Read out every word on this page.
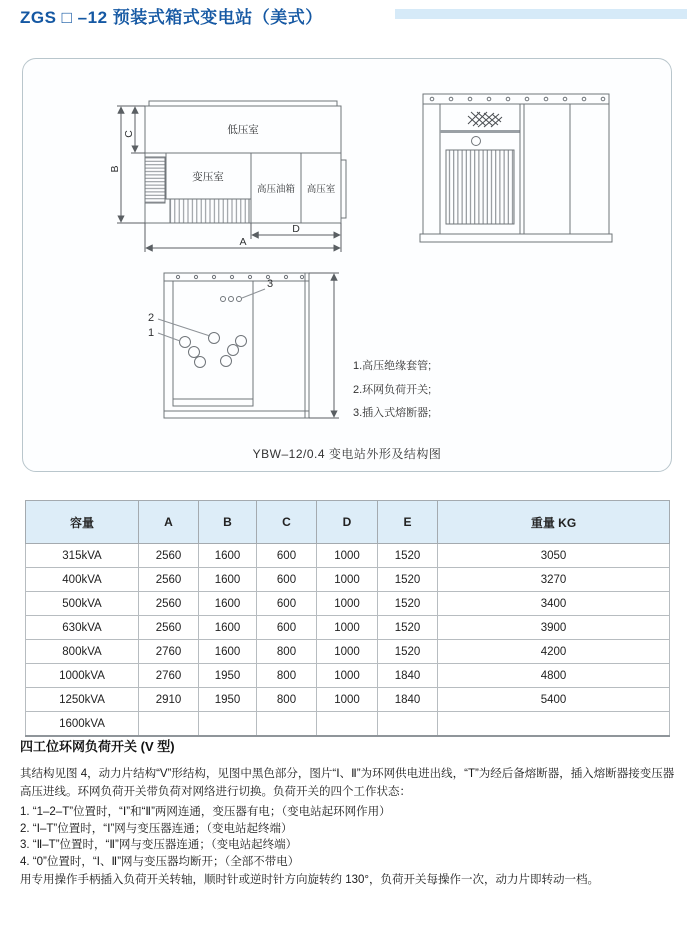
ZGS □ –12 预装式箱式变电站（美式）
低压室
变压室
高压油箱 高压室
B
C
D
A
2
1
3
1.高压绝缘套管;
2.环网负荷开关;
3.插入式熔断器;
YBW–12/0.4 变电站外形及结构图
容量	A	B	C	D	E	重量 KG
315kVA	2560	1600	600	1000	1520	3050
400kVA	2560	1600	600	1000	1520	3270
500kVA	2560	1600	600	1000	1520	3400
630kVA	2560	1600	600	1000	1520	3900
800kVA	2760	1600	800	1000	1520	4200
1000kVA	2760	1950	800	1000	1840	4800
1250kVA	2910	1950	800	1000	1840	5400
1600kVA						
四工位环网负荷开关 (V 型)

其结构见图 4，动力片结构“V”形结构，见图中黑色部分，图片“Ⅰ、Ⅱ”为环网供电进出线，“T”为经后备熔断器，插入熔断器接变压器高压进线。环网负荷开关带负荷对网络进行切换。负荷开关的四个工作状态：

1. “1–2–T”位置时，“Ⅰ”和“Ⅱ”两网连通，变压器有电；（变电站起环网作用）
2. “Ⅰ–T”位置时，“Ⅰ”网与变压器连通；（变电站起终端）
3. “Ⅱ–T”位置时，“Ⅱ”网与变压器连通；（变电站起终端）
4. “0”位置时，“Ⅰ、Ⅱ”网与变压器均断开；（全部不带电）

用专用操作手柄插入负荷开关转轴，顺时针或逆时针方向旋转约 130°，负荷开关每操作一次，动力片即转动一档。
